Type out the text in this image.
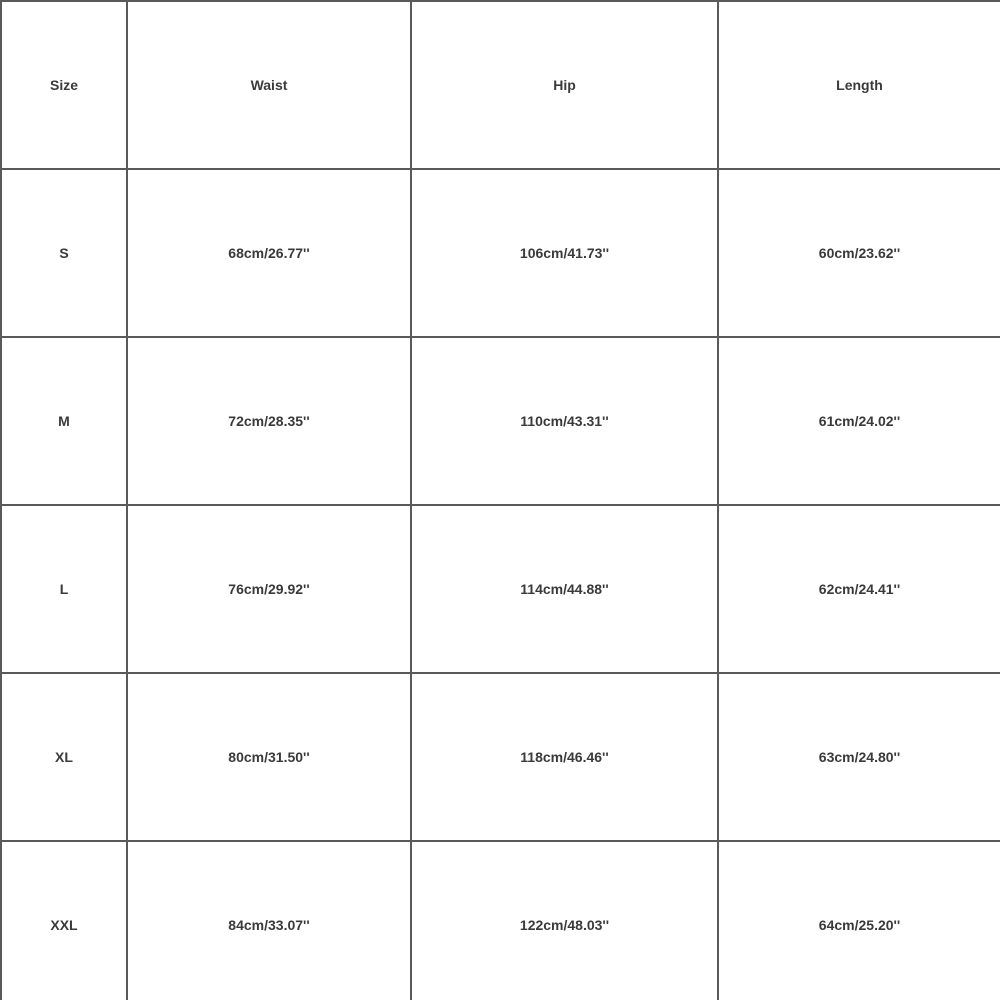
Size	Waist	Hip	Length
S	68cm/26.77''	106cm/41.73''	60cm/23.62''
M	72cm/28.35''	110cm/43.31''	61cm/24.02''
L	76cm/29.92''	114cm/44.88''	62cm/24.41''
XL	80cm/31.50''	118cm/46.46''	63cm/24.80''
XXL	84cm/33.07''	122cm/48.03''	64cm/25.20''
